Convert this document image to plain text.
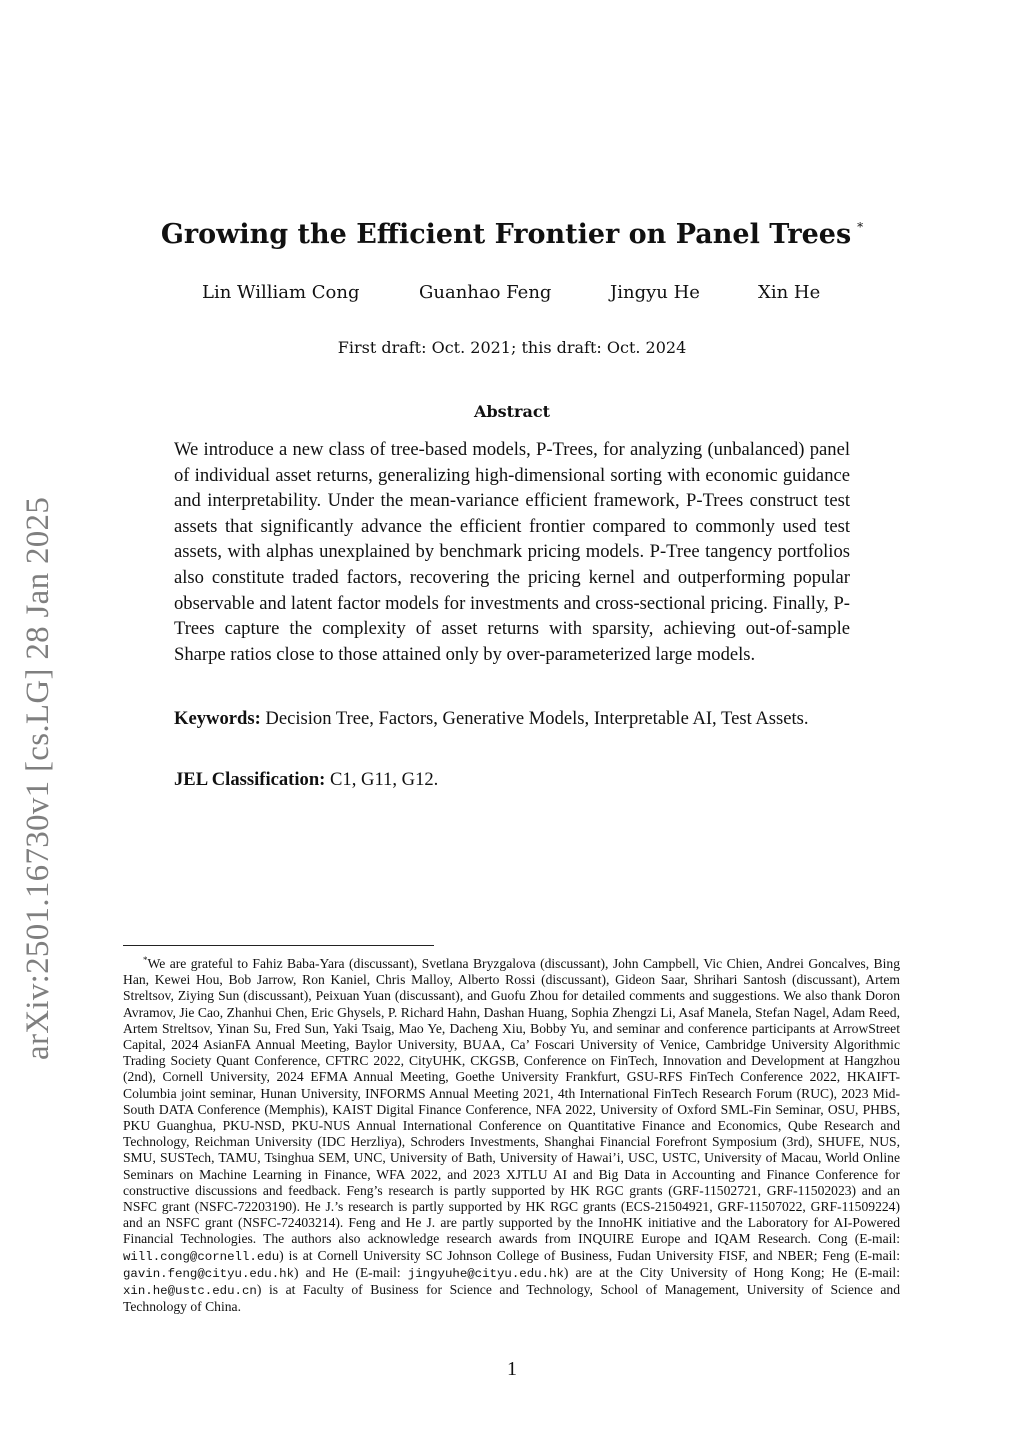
arXiv:2501.16730v1 [cs.LG] 28 Jan 2025
Growing the Efficient Frontier on Panel Trees *
Lin William Cong	Guanhao Feng	Jingyu He	Xin He
First draft: Oct. 2021; this draft: Oct. 2024
Abstract
We introduce a new class of tree-based models, P-Trees, for analyzing (unbalanced) panel of individual asset returns, generalizing high-dimensional sorting with economic guidance and interpretability. Under the mean-variance efficient framework, P-Trees construct test assets that significantly advance the efficient frontier compared to commonly used test assets, with alphas unexplained by benchmark pricing models. P-Tree tangency portfolios also constitute traded factors, recovering the pricing kernel and outperforming popular observable and latent factor models for investments and cross-sectional pricing. Finally, P-Trees capture the complexity of asset returns with sparsity, achieving out-of-sample Sharpe ratios close to those attained only by over-parameterized large models.
Keywords: Decision Tree, Factors, Generative Models, Interpretable AI, Test Assets.
JEL Classification: C1, G11, G12.
*We are grateful to Fahiz Baba-Yara (discussant), Svetlana Bryzgalova (discussant), John Campbell, Vic Chien, Andrei Goncalves, Bing Han, Kewei Hou, Bob Jarrow, Ron Kaniel, Chris Malloy, Alberto Rossi (discussant), Gideon Saar, Shrihari Santosh (discussant), Artem Streltsov, Ziying Sun (discussant), Peixuan Yuan (discussant), and Guofu Zhou for detailed comments and suggestions. We also thank Doron Avramov, Jie Cao, Zhanhui Chen, Eric Ghysels, P. Richard Hahn, Dashan Huang, Sophia Zhengzi Li, Asaf Manela, Stefan Nagel, Adam Reed, Artem Streltsov, Yinan Su, Fred Sun, Yaki Tsaig, Mao Ye, Dacheng Xiu, Bobby Yu, and seminar and conference participants at ArrowStreet Capital, 2024 AsianFA Annual Meeting, Baylor University, BUAA, Ca’ Foscari University of Venice, Cambridge University Algorithmic Trading Society Quant Conference, CFTRC 2022, CityUHK, CKGSB, Conference on FinTech, Innovation and Development at Hangzhou (2nd), Cornell University, 2024 EFMA Annual Meeting, Goethe University Frankfurt, GSU-RFS FinTech Conference 2022, HKAIFT-Columbia joint seminar, Hunan University, INFORMS Annual Meeting 2021, 4th International FinTech Research Forum (RUC), 2023 Mid-South DATA Conference (Memphis), KAIST Digital Finance Conference, NFA 2022, University of Oxford SML-Fin Seminar, OSU, PHBS, PKU Guanghua, PKU-NSD, PKU-NUS Annual International Conference on Quantitative Finance and Economics, Qube Research and Technology, Reichman University (IDC Herzliya), Schroders Investments, Shanghai Financial Forefront Symposium (3rd), SHUFE, NUS, SMU, SUSTech, TAMU, Tsinghua SEM, UNC, University of Bath, University of Hawai’i, USC, USTC, University of Macau, World Online Seminars on Machine Learning in Finance, WFA 2022, and 2023 XJTLU AI and Big Data in Accounting and Finance Conference for constructive discussions and feedback. Feng’s research is partly supported by HK RGC grants (GRF-11502721, GRF-11502023) and an NSFC grant (NSFC-72203190). He J.’s research is partly supported by HK RGC grants (ECS-21504921, GRF-11507022, GRF-11509224) and an NSFC grant (NSFC-72403214). Feng and He J. are partly supported by the InnoHK initiative and the Laboratory for AI-Powered Financial Technologies. The authors also acknowledge research awards from INQUIRE Europe and IQAM Research. Cong (E-mail: will.cong@cornell.edu) is at Cornell University SC Johnson College of Business, Fudan University FISF, and NBER; Feng (E-mail: gavin.feng@cityu.edu.hk) and He (E-mail: jingyuhe@cityu.edu.hk) are at the City University of Hong Kong; He (E-mail: xin.he@ustc.edu.cn) is at Faculty of Business for Science and Technology, School of Management, University of Science and Technology of China.
1
